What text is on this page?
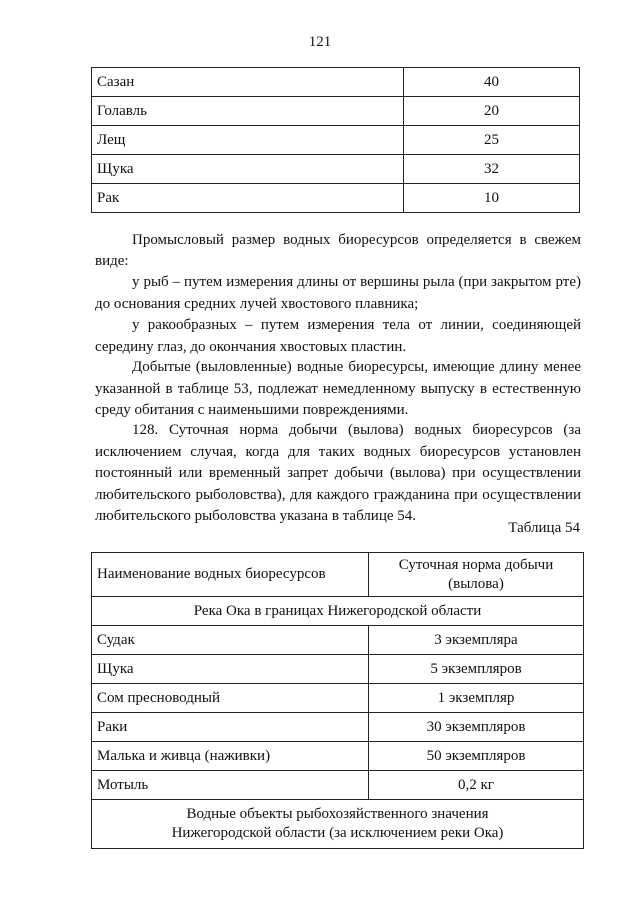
121
Сазан	40
Голавль	20
Лещ	25
Щука	32
Рак	10

Промысловый размер водных биоресурсов определяется в свежем

виде:

у рыб – путем измерения длины от вершины рыла (при закрытом рте) до основания средних лучей хвостового плавника;

у ракообразных – путем измерения тела от линии, соединяющей середину глаз, до окончания хвостовых пластин.

Добытые (выловленные) водные биоресурсы, имеющие длину менее указанной в таблице 53, подлежат немедленному выпуску в естественную среду обитания с наименьшими повреждениями.

128. Суточная норма добычи (вылова) водных биоресурсов (за исключением случая, когда для таких водных биоресурсов установлен постоянный или временный запрет добычи (вылова) при осуществлении любительского рыболовства), для каждого гражданина при осуществлении любительского рыболовства указана в таблице 54.

Таблица 54
Наименование водных биоресурсов	Суточная норма добычи
(вылова)
Река Ока в границах Нижегородской области	
Судак	3 экземпляра
Щука	5 экземпляров
Сом пресноводный	1 экземпляр
Раки	30 экземпляров
Малька и живца (наживки)	50 экземпляров
Мотыль	0,2 кг
Водные объекты рыбохозяйственного значения
Нижегородской области (за исключением реки Ока)	
